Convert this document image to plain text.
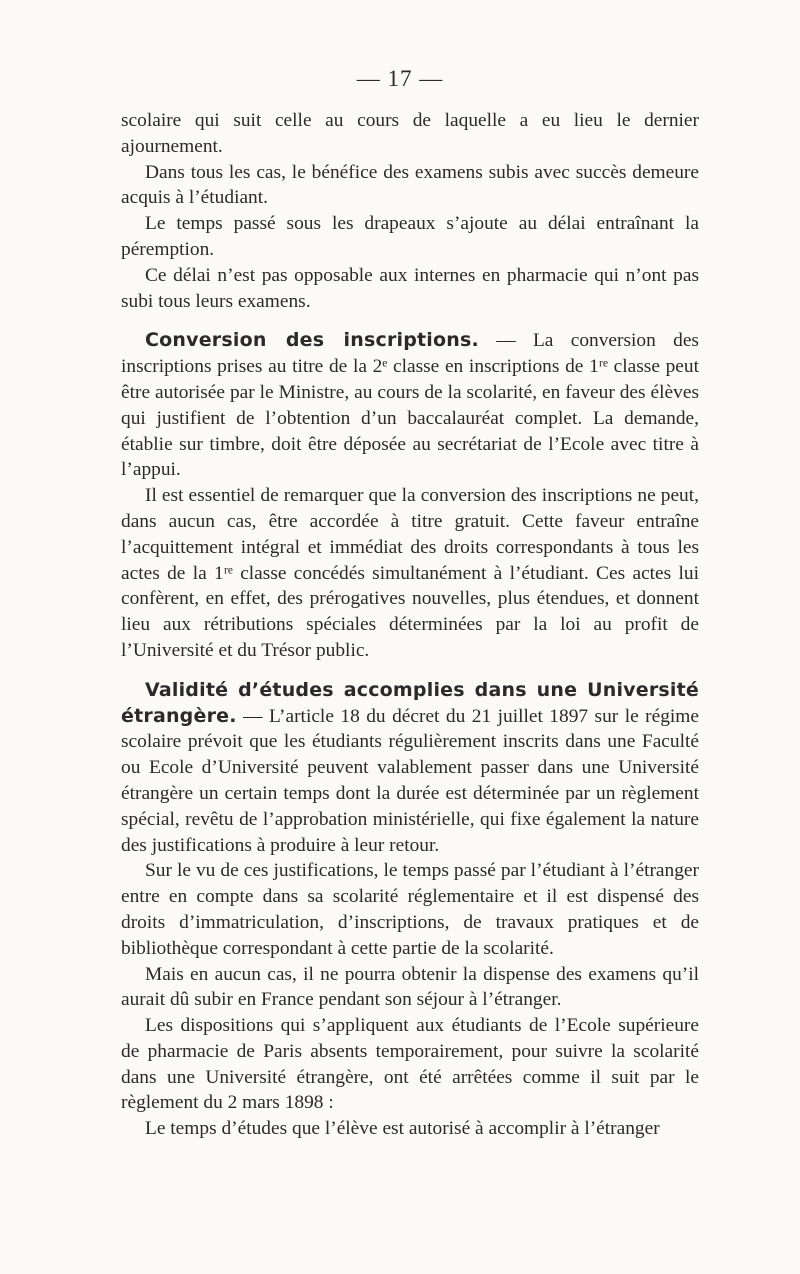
— 17 —

scolaire qui suit celle au cours de laquelle a eu lieu le dernier ajournement.

Dans tous les cas, le bénéfice des examens subis avec succès demeure acquis à l’étudiant.

Le temps passé sous les drapeaux s’ajoute au délai entraînant la péremption.

Ce délai n’est pas opposable aux internes en pharmacie qui n’ont pas subi tous leurs examens.

Conversion des inscriptions. — La conversion des inscriptions prises au titre de la 2ᵉ classe en inscriptions de 1ʳᵉ classe peut être autorisée par le Ministre, au cours de la scolarité, en faveur des élèves qui justifient de l’obtention d’un baccalauréat complet. La demande, établie sur timbre, doit être déposée au secrétariat de l’Ecole avec titre à l’appui.

Il est essentiel de remarquer que la conversion des inscriptions ne peut, dans aucun cas, être accordée à titre gratuit. Cette faveur entraîne l’acquittement intégral et immédiat des droits correspondants à tous les actes de la 1ʳᵉ classe concédés simultanément à l’étudiant. Ces actes lui confèrent, en effet, des prérogatives nouvelles, plus étendues, et donnent lieu aux rétributions spéciales déterminées par la loi au profit de l’Université et du Trésor public.

Validité d’études accomplies dans une Université étrangère. — L’article 18 du décret du 21 juillet 1897 sur le régime scolaire prévoit que les étudiants régulièrement inscrits dans une Faculté ou Ecole d’Université peuvent valablement passer dans une Université étrangère un certain temps dont la durée est déterminée par un règlement spécial, revêtu de l’approbation ministérielle, qui fixe également la nature des justifications à produire à leur retour.

Sur le vu de ces justifications, le temps passé par l’étudiant à l’étranger entre en compte dans sa scolarité réglementaire et il est dispensé des droits d’immatriculation, d’inscriptions, de travaux pratiques et de bibliothèque correspondant à cette partie de la scolarité.

Mais en aucun cas, il ne pourra obtenir la dispense des examens qu’il aurait dû subir en France pendant son séjour à l’étranger.

Les dispositions qui s’appliquent aux étudiants de l’Ecole supérieure de pharmacie de Paris absents temporairement, pour suivre la scolarité dans une Université étrangère, ont été arrêtées comme il suit par le règlement du 2 mars 1898 :

Le temps d’études que l’élève est autorisé à accomplir à l’étranger
